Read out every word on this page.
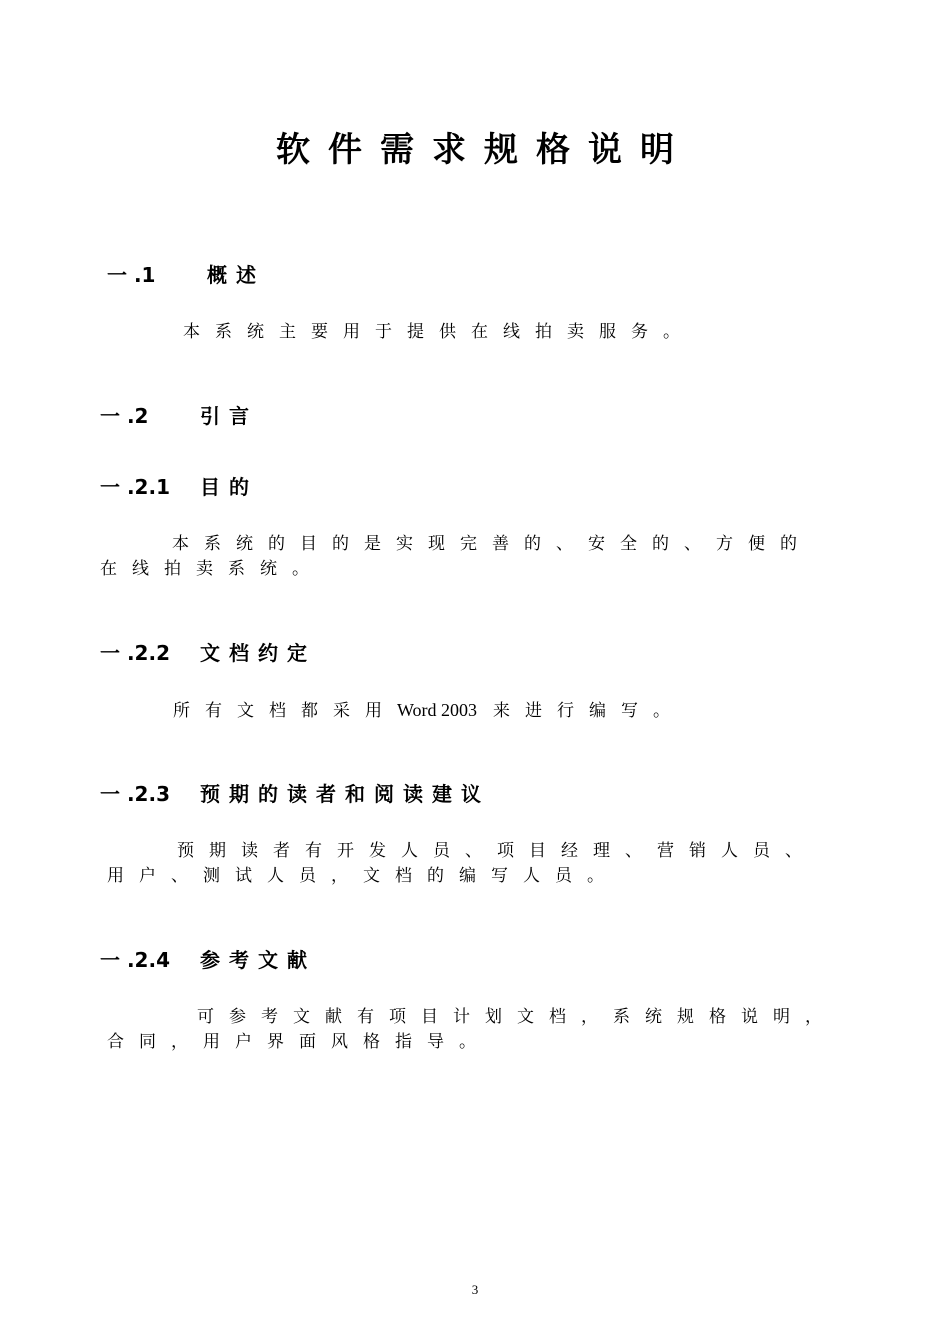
软件需求规格说明
一 .1	概述
本系统主要用于提供在线拍卖服务。
一 .2	引言
一 .2.1 目的
本系统的目的是实现完善的、安全的、方便的
在线拍卖系统。
一 .2.2 文档约定
所有文档都采用Word 2003 来进行编写。
一 .2.3 预期的读者和阅读建议
预期读者有开发人员、项目经理、营销人员、
用户、测试人员，文档的编写人员。
一 .2.4 参考文献
可参考文献有项目计划文档，系统规格说明，
合同，用户界面风格指导。
3
